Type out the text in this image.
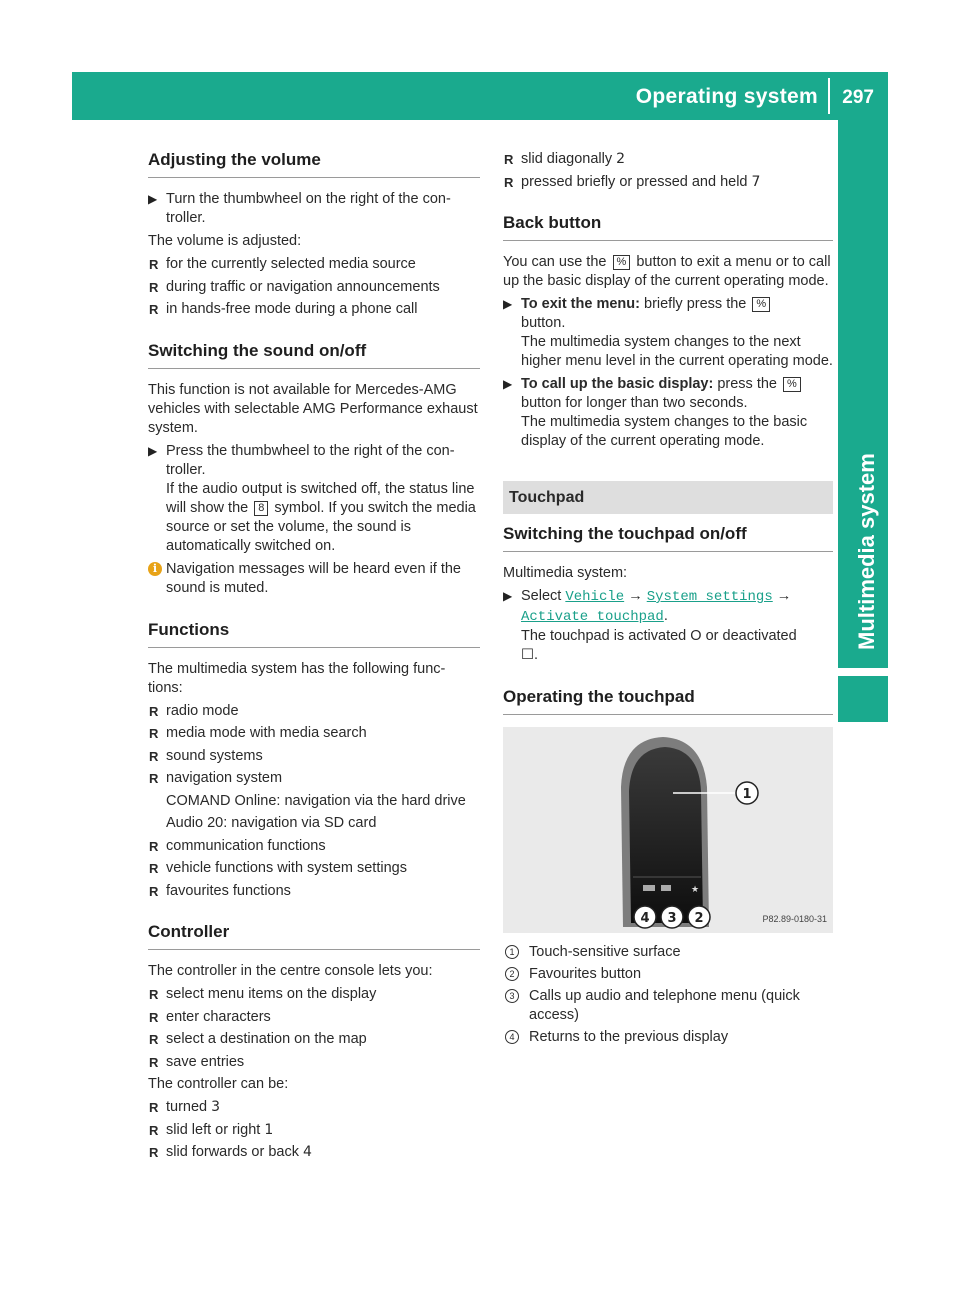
Operating system 297
Multimedia system
Adjusting the volume
▶ Turn the thumbwheel on the right of the con-troller.

The volume is adjusted:

R for the currently selected media source
R during traffic or navigation announcements
R in hands-free mode during a phone call
Switching the sound on/off

This function is not available for Mercedes-AMG vehicles with selectable AMG Performance exhaust system.

▶ Press the thumbwheel to the right of the con-troller.
If the audio output is switched off, the status line will show the 8 symbol. If you switch the media source or set the volume, the sound is automatically switched on.
i Navigation messages will be heard even if the sound is muted.
Functions

The multimedia system has the following func-tions:

R radio mode
R media mode with media search
R sound systems
R navigation system
COMAND Online: navigation via the hard drive
Audio 20: navigation via SD card
R communication functions
R vehicle functions with system settings
R favourites functions
Controller

The controller in the centre console lets you:

R select menu items on the display
R enter characters
R select a destination on the map
R save entries

The controller can be:

R turned 3
R slid left or right 1
R slid forwards or back 4
R slid diagonally 2
R pressed briefly or pressed and held 7
Back button

You can use the % button to exit a menu or to call up the basic display of the current operating mode.

▶ To exit the menu: briefly press the %
button.
The multimedia system changes to the next higher menu level in the current operating mode.
▶ To call up the basic display: press the %
button for longer than two seconds.
The multimedia system changes to the basic display of the current operating mode.
Touchpad
Switching the touchpad on/off

Multimedia system:

▶ Select Vehicle → System settings → Activate touchpad.
The touchpad is activated O or deactivated
☐.
Operating the touchpad
★
1
4 3 2	P82.89-0180-31
1	Touch-sensitive surface
2	Favourites button
3	Calls up audio and telephone menu (quick access)
4	Returns to the previous display
